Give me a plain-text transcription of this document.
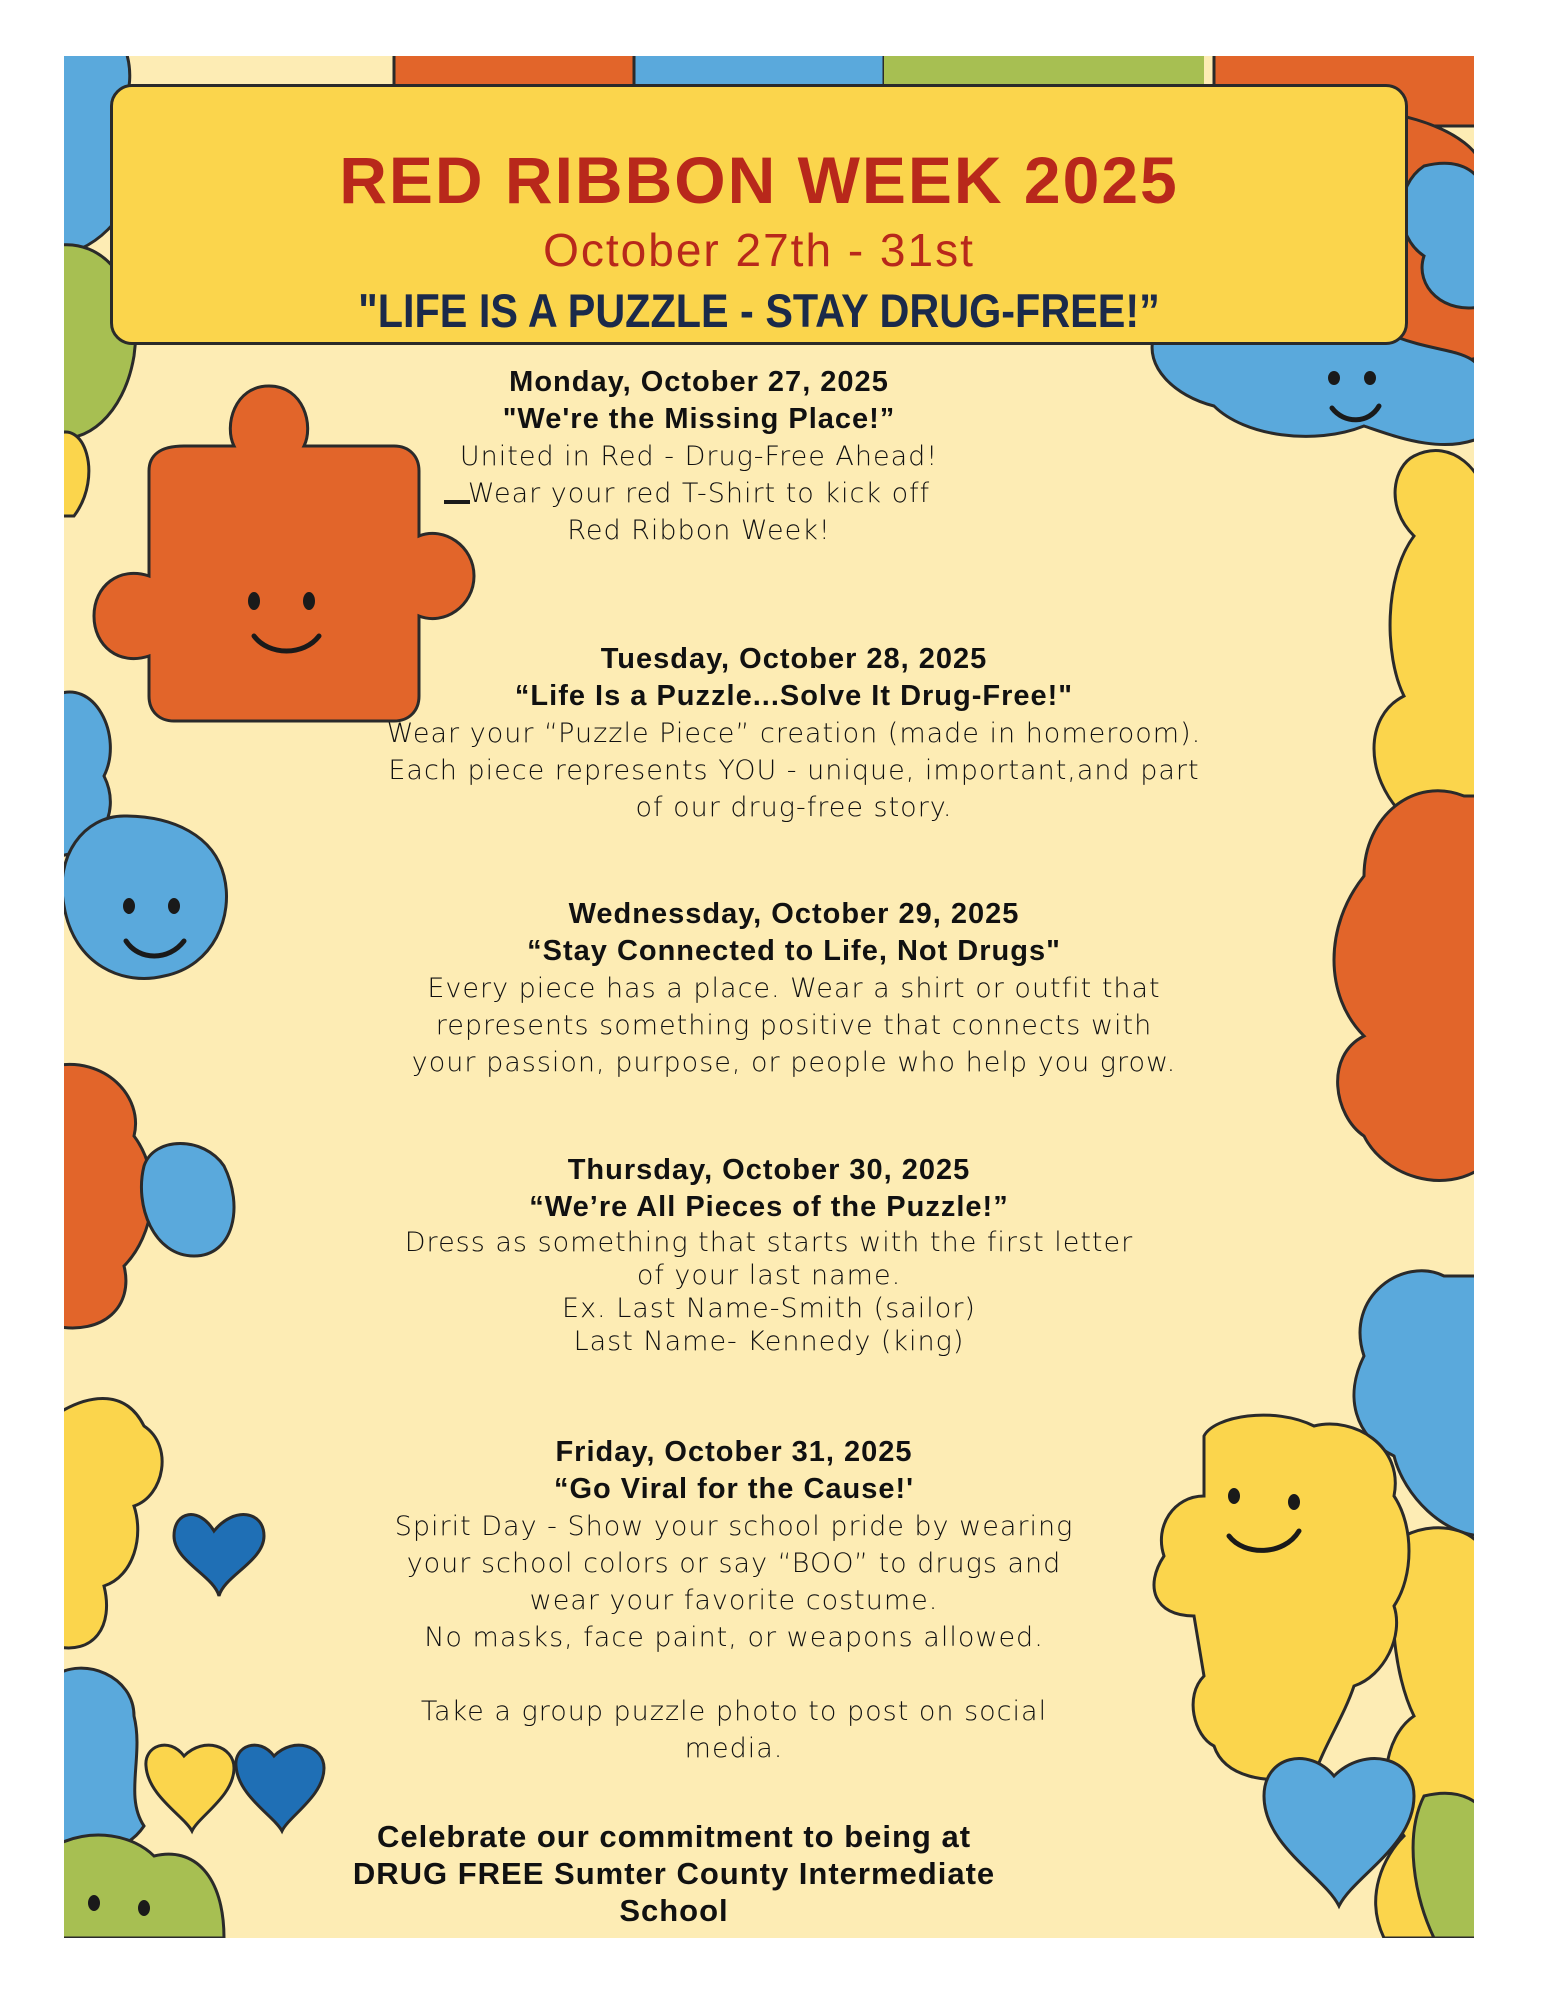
RED RIBBON WEEK 2025
October 27th - 31st
"LIFE IS A PUZZLE - STAY DRUG-FREE!”
Monday, October 27, 2025
"We're the Missing Place!”
United in Red - Drug-Free Ahead!
Wear your red T-Shirt to kick off
Red Ribbon Week!
Tuesday, October 28, 2025
“Life Is a Puzzle...Solve It Drug-Free!"
Wear your “Puzzle Piece” creation (made in homeroom).
Each piece represents YOU - unique, important,and part
of our drug-free story.
Wednessday, October 29, 2025
“Stay Connected to Life, Not Drugs"
Every piece has a place. Wear a shirt or outfit that
represents something positive that connects with
your passion, purpose, or people who help you grow.
Thursday, October 30, 2025
“We’re All Pieces of the Puzzle!”
Dress as something that starts with the first letter
of your last name.
Ex. Last Name-Smith (sailor)
Last Name- Kennedy (king)
Friday, October 31, 2025
“Go Viral for the Cause!'
Spirit Day - Show your school pride by wearing
your school colors or say “BOO” to drugs and
wear your favorite costume.
No masks, face paint, or weapons allowed.
Take a group puzzle photo to post on social
media.
Celebrate our commitment to being at
DRUG FREE Sumter County Intermediate
School
